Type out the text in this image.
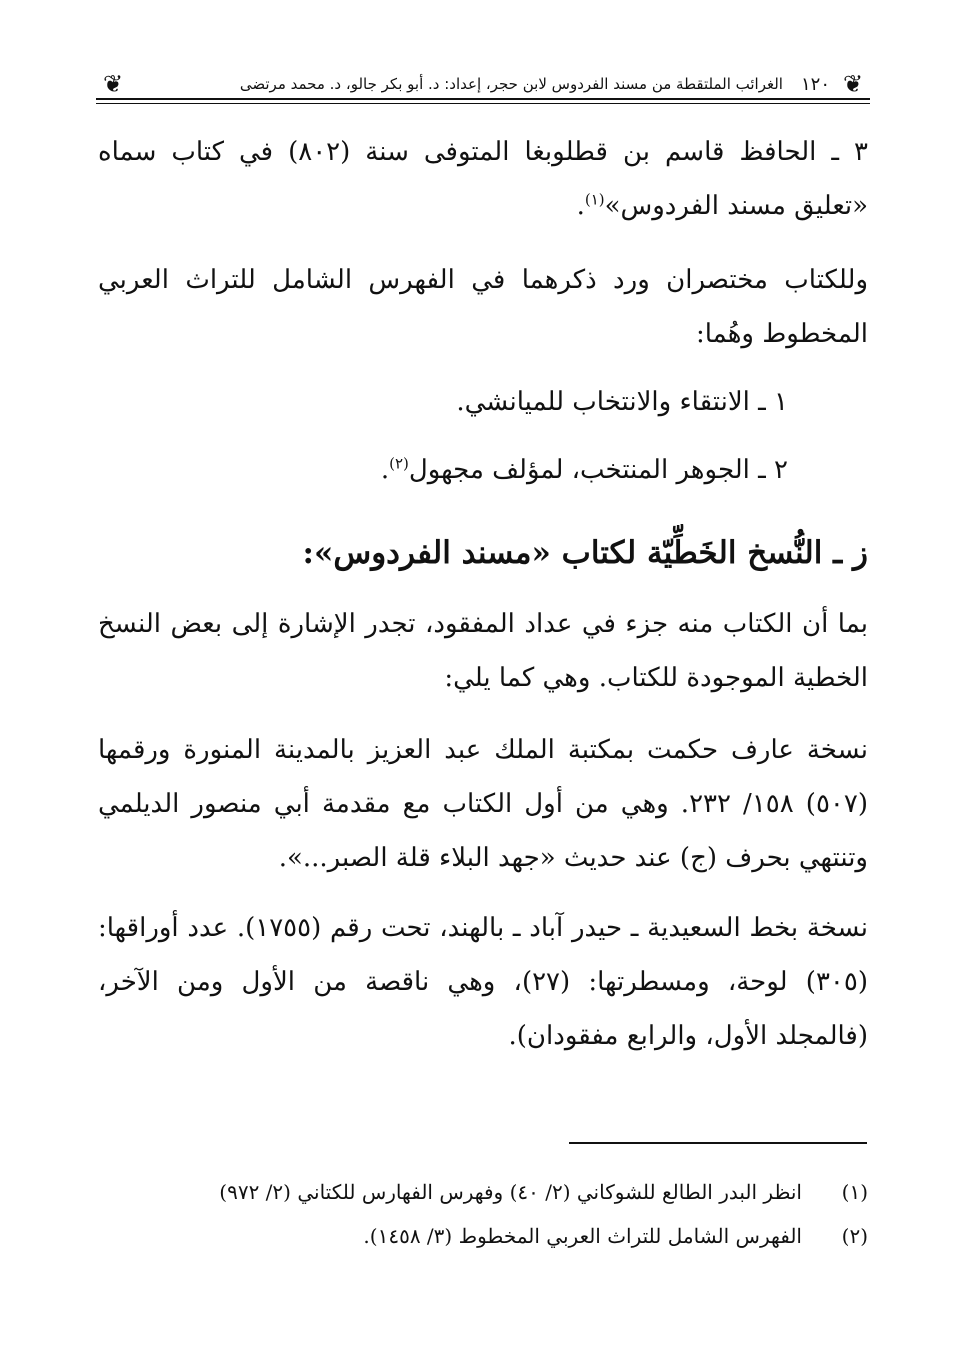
❦
١٢٠
الغرائب الملتقطة من مسند الفردوس لابن حجر، إعداد: د. أبو بكر جالو، د. محمد مرتضى
❦

٣ ـ الحافظ قاسم بن قطلوبغا المتوفى سنة (٨٠٢) في كتاب سماه «تعليق مسند الفردوس»$^{(١)}$.

وللكتاب مختصران ورد ذكرهما في الفهرس الشامل للتراث العربي المخطوط وهُما:

١ ـ الانتقاء والانتخاب للميانشي.

٢ ـ الجوهر المنتخب، لمؤلف مجهول$^{(٢)}$.

ز ـ النُّسخ الخَطِّيّة لكتاب «مسند الفردوس»:

بما أن الكتاب منه جزء في عداد المفقود، تجدر الإشارة إلى بعض النسخ الخطية الموجودة للكتاب. وهي كما يلي:

نسخة عارف حكمت بمكتبة الملك عبد العزيز بالمدينة المنورة ورقمها (٥٠٧) ١٥٨/ ٢٣٢. وهي من أول الكتاب مع مقدمة أبي منصور الديلمي وتنتهي بحرف (ج) عند حديث «جهد البلاء قلة الصبر...».

نسخة بخط السعيدية ـ حيدر آباد ـ بالهند، تحت رقم (١٧٥٥). عدد أوراقها: (٣٠٥) لوحة، ومسطرتها: (٢٧)، وهي ناقصة من الأول ومن الآخر، (فالمجلد الأول، والرابع مفقودان).

(١)
انظر البدر الطالع للشوكاني (٢/ ٤٠) وفهرس الفهارس للكتاني (٢/ ٩٧٢)
(٢)
الفهرس الشامل للتراث العربي المخطوط (٣/ ١٤٥٨).
